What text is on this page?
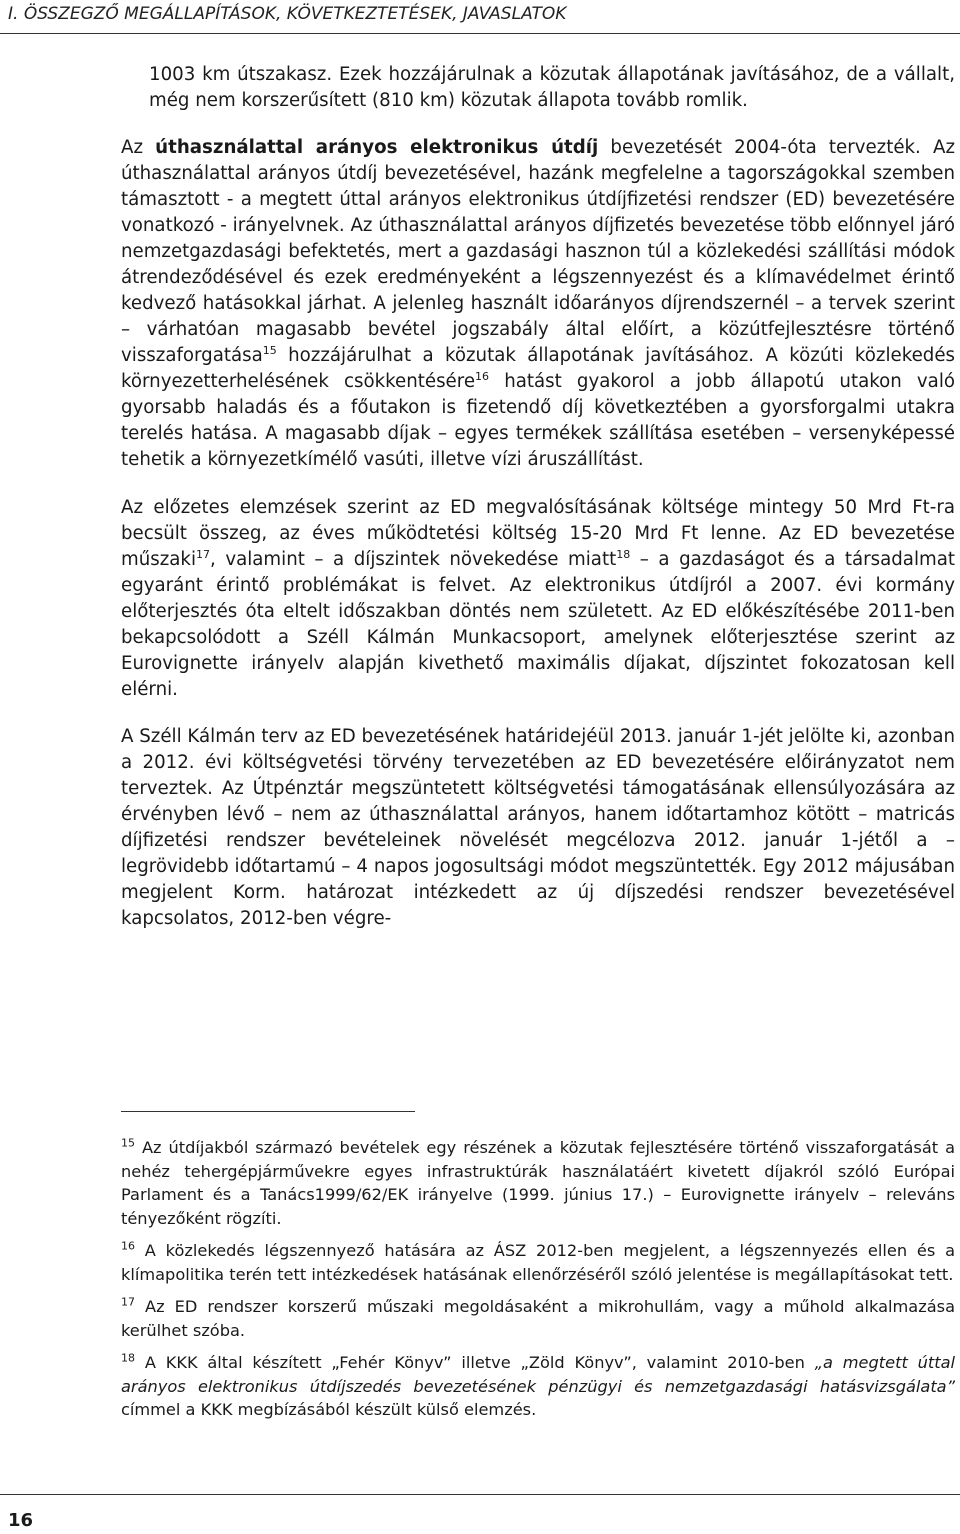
I. ÖSSZEGZŐ MEGÁLLAPÍTÁSOK, KÖVETKEZTETÉSEK, JAVASLATOK

1003 km útszakasz. Ezek hozzájárulnak a közutak állapotának javításához, de a vállalt, még nem korszerűsített (810 km) közutak állapota tovább romlik.

Az úthasználattal arányos elektronikus útdíj bevezetését 2004-óta tervezték. Az úthasználattal arányos útdíj bevezetésével, hazánk megfelelne a tagországokkal szemben támasztott - a megtett úttal arányos elektronikus útdíjfizetési rendszer (ED) bevezetésére vonatkozó - irányelvnek. Az úthasználattal arányos díjfizetés bevezetése több előnnyel járó nemzetgazdasági befektetés, mert a gazdasági hasznon túl a közlekedési szállítási módok átrendeződésével és ezek eredményeként a légszennyezést és a klímavédelmet érintő kedvező hatásokkal járhat. A jelenleg használt időarányos díjrendszernél – a tervek szerint – várhatóan magasabb bevétel jogszabály által előírt, a közútfejlesztésre történő visszaforgatása$^{15}$ hozzájárulhat a közutak állapotának javításához. A közúti közlekedés környezetterhelésének csökkentésére$^{16}$ hatást gyakorol a jobb állapotú utakon való gyorsabb haladás és a főutakon is fizetendő díj következtében a gyorsforgalmi utakra terelés hatása. A magasabb díjak – egyes termékek szállítása esetében – versenyképessé tehetik a környezetkímélő vasúti, illetve vízi áruszállítást.

Az előzetes elemzések szerint az ED megvalósításának költsége mintegy 50 Mrd Ft-ra becsült összeg, az éves működtetési költség 15-20 Mrd Ft lenne. Az ED bevezetése műszaki$^{17}$, valamint – a díjszintek növekedése miatt$^{18}$ – a gazdaságot és a társadalmat egyaránt érintő problémákat is felvet. Az elektronikus útdíjról a 2007. évi kormány előterjesztés óta eltelt időszakban döntés nem született. Az ED előkészítésébe 2011-ben bekapcsolódott a Széll Kálmán Munkacsoport, amelynek előterjesztése szerint az Eurovignette irányelv alapján kivethető maximális díjakat, díjszintet fokozatosan kell elérni.

A Széll Kálmán terv az ED bevezetésének határidejéül 2013. január 1-jét jelölte ki, azonban a 2012. évi költségvetési törvény tervezetében az ED bevezetésére előirányzatot nem terveztek. Az Útpénztár megszüntetett költségvetési támogatásának ellensúlyozására az érvényben lévő – nem az úthasználattal arányos, hanem időtartamhoz kötött – matricás díjfizetési rendszer bevételeinek növelését megcélozva 2012. január 1-jétől a – legrövidebb időtartamú – 4 napos jogosultsági módot megszüntették. Egy 2012 májusában megjelent Korm. határozat intézkedett az új díjszedési rendszer bevezetésével kapcsolatos, 2012-ben végre-

$^{15}$ Az útdíjakból származó bevételek egy részének a közutak fejlesztésére történő visszaforgatását a nehéz tehergépjárművekre egyes infrastruktúrák használatáért kivetett díjakról szóló Európai Parlament és a Tanács1999/62/EK irányelve (1999. június 17.) – Eurovignette irányelv – releváns tényezőként rögzíti.

$^{16}$ A közlekedés légszennyező hatására az ÁSZ 2012-ben megjelent, a légszennyezés ellen és a klímapolitika terén tett intézkedések hatásának ellenőrzéséről szóló jelentése is megállapításokat tett.

$^{17}$ Az ED rendszer korszerű műszaki megoldásaként a mikrohullám, vagy a műhold alkalmazása kerülhet szóba.

$^{18}$ A KKK által készített „Fehér Könyv” illetve „Zöld Könyv”, valamint 2010-ben „a megtett úttal arányos elektronikus útdíjszedés bevezetésének pénzügyi és nemzetgazdasági hatásvizsgálata” címmel a KKK megbízásából készült külső elemzés.

16
